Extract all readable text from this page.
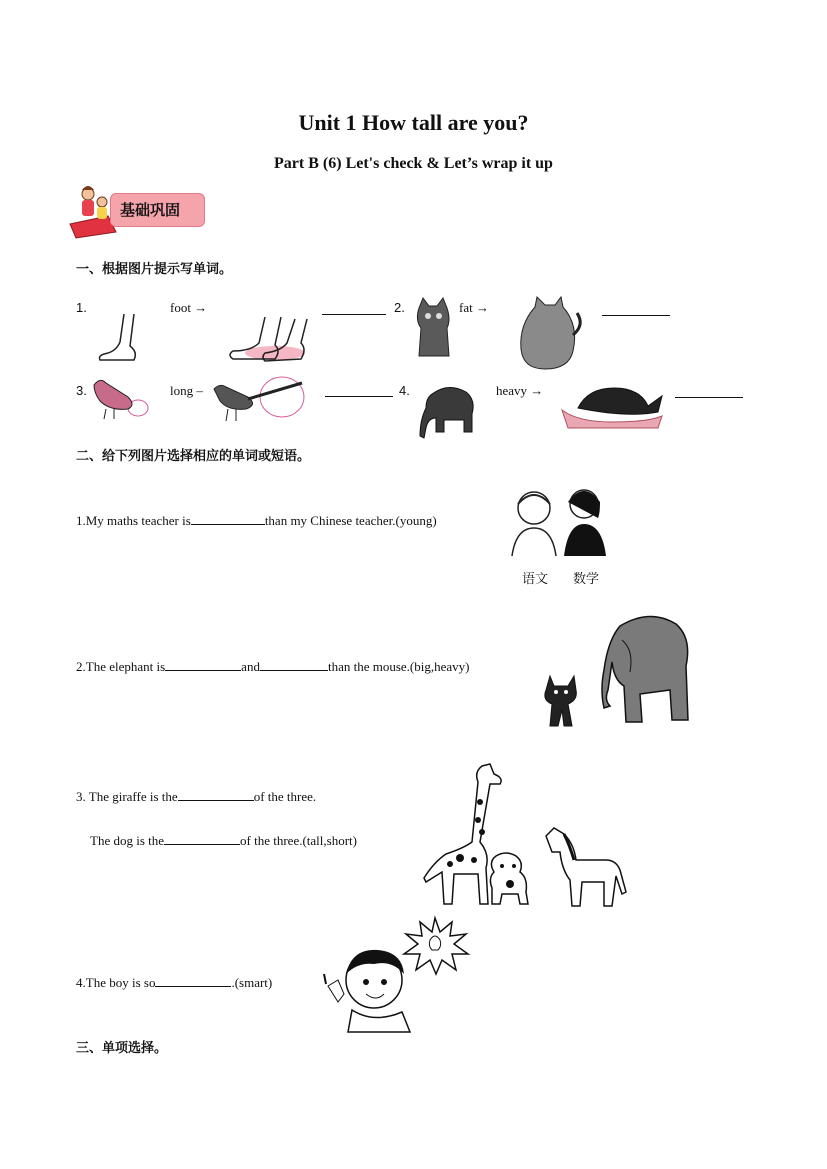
Unit 1 How tall are you?
Part B (6) Let's check & Let’s wrap it up
基础巩固
一、根据图片提示写单词。
1.	foot →	2.	fat →
3.	long –	4.	heavy →
二、给下列图片选择相应的单词或短语。
1.My maths teacher is	than my Chinese teacher.(young)
语文 数学
2.The elephant is	and	than the mouse.(big,heavy)
3. The giraffe is the	of the three.
The dog is the	of the three.(tall,short)
4.The boy is so	.(smart)
三、单项选择。
